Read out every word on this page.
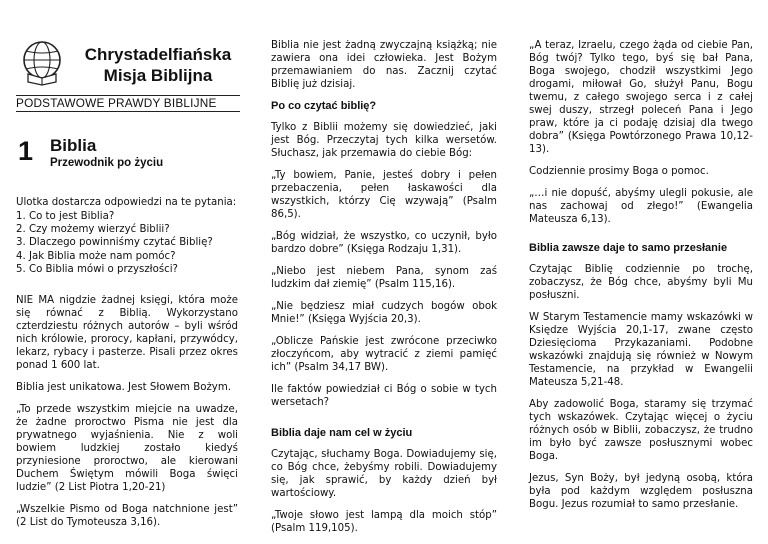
Chrystadelfiańska
Misja Biblijna
PODSTAWOWE PRAWDY BIBLIJNE
1 Biblia
Przewodnik po życiu

Ulotka dostarcza odpowiedzi na te pytania:

1. Co to jest Biblia?
2. Czy możemy wierzyć Biblii?
3. Dlaczego powinniśmy czytać Biblię?
4. Jak Biblia może nam pomóc?
5. Co Biblia mówi o przyszłości?

NIE MA nigdzie żadnej księgi, która może się równać z Biblią. Wykorzystano czterdziestu różnych autorów – byli wśród nich królowie, prorocy, kapłani, przywódcy, lekarz, rybacy i pasterze. Pisali przez okres ponad 1 600 lat.

Biblia jest unikatowa. Jest Słowem Bożym.

„To przede wszystkim miejcie na uwadze, że żadne proroctwo Pisma nie jest dla prywatnego wyjaśnienia. Nie z woli bowiem ludzkiej zostało kiedyś przyniesione proroctwo, ale kierowani Duchem Świętym mówili Boga święci ludzie” (2 List Piotra 1,20-21)

„Wszelkie Pismo od Boga natchnione jest” (2 List do Tymoteusza 3,16).

Biblia nie jest żadną zwyczajną książką; nie zawiera ona idei człowieka. Jest Bożym przemawianiem do nas. Zacznij czytać Biblię już dzisiaj.

Po co czytać biblię?

Tylko z Biblii możemy się dowiedzieć, jaki jest Bóg. Przeczytaj tych kilka wersetów. Słuchasz, jak przemawia do ciebie Bóg:

„Ty bowiem, Panie, jesteś dobry i pełen przebaczenia, pełen łaskawości dla wszystkich, którzy Cię wzywają” (Psalm 86,5).

„Bóg widział, że wszystko, co uczynił, było bardzo dobre” (Księga Rodzaju 1,31).

„Niebo jest niebem Pana, synom zaś ludzkim dał ziemię” (Psalm 115,16).

„Nie będziesz miał cudzych bogów obok Mnie!” (Księga Wyjścia 20,3).

„Oblicze Pańskie jest zwrócone przeciwko złoczyńcom, aby wytracić z ziemi pamięć ich” (Psalm 34,17 BW).

Ile faktów powiedział ci Bóg o sobie w tych wersetach?

Biblia daje nam cel w życiu

Czytając, słuchamy Boga. Dowiadujemy się, co Bóg chce, żebyśmy robili. Dowiadujemy się, jak sprawić, by każdy dzień był wartościowy.

„Twoje słowo jest lampą dla moich stóp” (Psalm 119,105).

„A teraz, Izraelu, czego żąda od ciebie Pan, Bóg twój? Tylko tego, byś się bał Pana, Boga swojego, chodził wszystkimi Jego drogami, miłował Go, służył Panu, Bogu twemu, z całego swojego serca i z całej swej duszy, strzegł poleceń Pana i Jego praw, które ja ci podaję dzisiaj dla twego dobra” (Księga Powtórzonego Prawa 10,12-13).

Codziennie prosimy Boga o pomoc.

„…i nie dopuść, abyśmy ulegli pokusie, ale nas zachowaj od złego!” (Ewangelia Mateusza 6,13).

Biblia zawsze daje to samo przesłanie

Czytając Biblię codziennie po trochę, zobaczysz, że Bóg chce, abyśmy byli Mu posłuszni.

W Starym Testamencie mamy wskazówki w Księdze Wyjścia 20,1-17, zwane często Dziesięcioma Przykazaniami. Podobne wskazówki znajdują się również w Nowym Testamencie, na przykład w Ewangelii Mateusza 5,21-48.

Aby zadowolić Boga, staramy się trzymać tych wskazówek. Czytając więcej o życiu różnych osób w Biblii, zobaczysz, że trudno im było być zawsze posłusznymi wobec Boga.

Jezus, Syn Boży, był jedyną osobą, która była pod każdym względem posłuszna Bogu. Jezus rozumiał to samo przesłanie.
